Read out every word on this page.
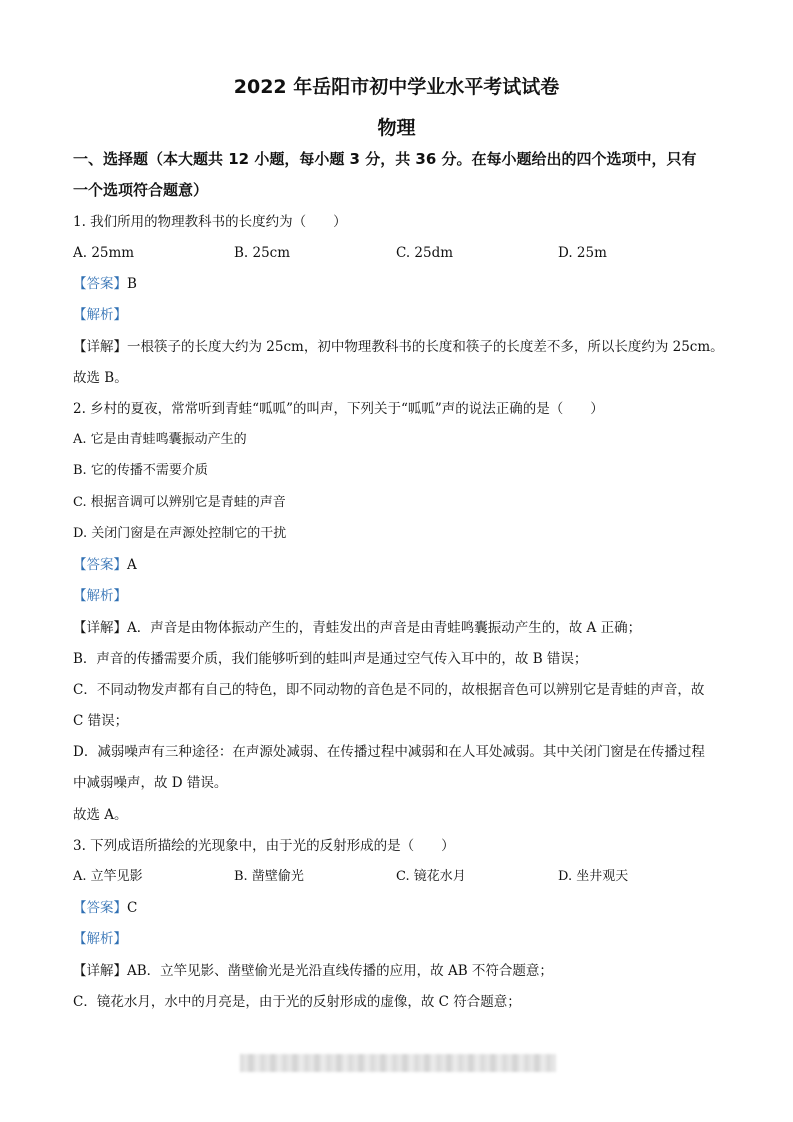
2022 年岳阳市初中学业水平考试试卷
物理
一、选择题（本大题共 12 小题，每小题 3 分，共 36 分。在每小题给出的四个选项中，只有
一个选项符合题意）
1. 我们所用的物理教科书的长度约为（　　）
A. 25mm	B. 25cm	C. 25dm	D. 25m
【答案】B
【解析】
【详解】一根筷子的长度大约为 25cm，初中物理教科书的长度和筷子的长度差不多，所以长度约为 25cm。
故选 B。
2. 乡村的夏夜，常常听到青蛙“呱呱”的叫声，下列关于“呱呱”声的说法正确的是（　　）
A. 它是由青蛙鸣囊振动产生的
B. 它的传播不需要介质
C. 根据音调可以辨别它是青蛙的声音
D. 关闭门窗是在声源处控制它的干扰
【答案】A
【解析】
【详解】A．声音是由物体振动产生的，青蛙发出的声音是由青蛙鸣囊振动产生的，故 A 正确；
B．声音的传播需要介质，我们能够听到的蛙叫声是通过空气传入耳中的，故 B 错误；
C．不同动物发声都有自己的特色，即不同动物的音色是不同的，故根据音色可以辨别它是青蛙的声音，故
C 错误；
D．减弱噪声有三种途径：在声源处减弱、在传播过程中减弱和在人耳处减弱。其中关闭门窗是在传播过程
中减弱噪声，故 D 错误。
故选 A。
3. 下列成语所描绘的光现象中，由于光的反射形成的是（　　）
A. 立竿见影	B. 凿壁偷光	C. 镜花水月	D. 坐井观天
【答案】C
【解析】
【详解】AB．立竿见影、凿壁偷光是光沿直线传播的应用，故 AB 不符合题意；
C．镜花水月，水中的月亮是，由于光的反射形成的虚像，故 C 符合题意；
